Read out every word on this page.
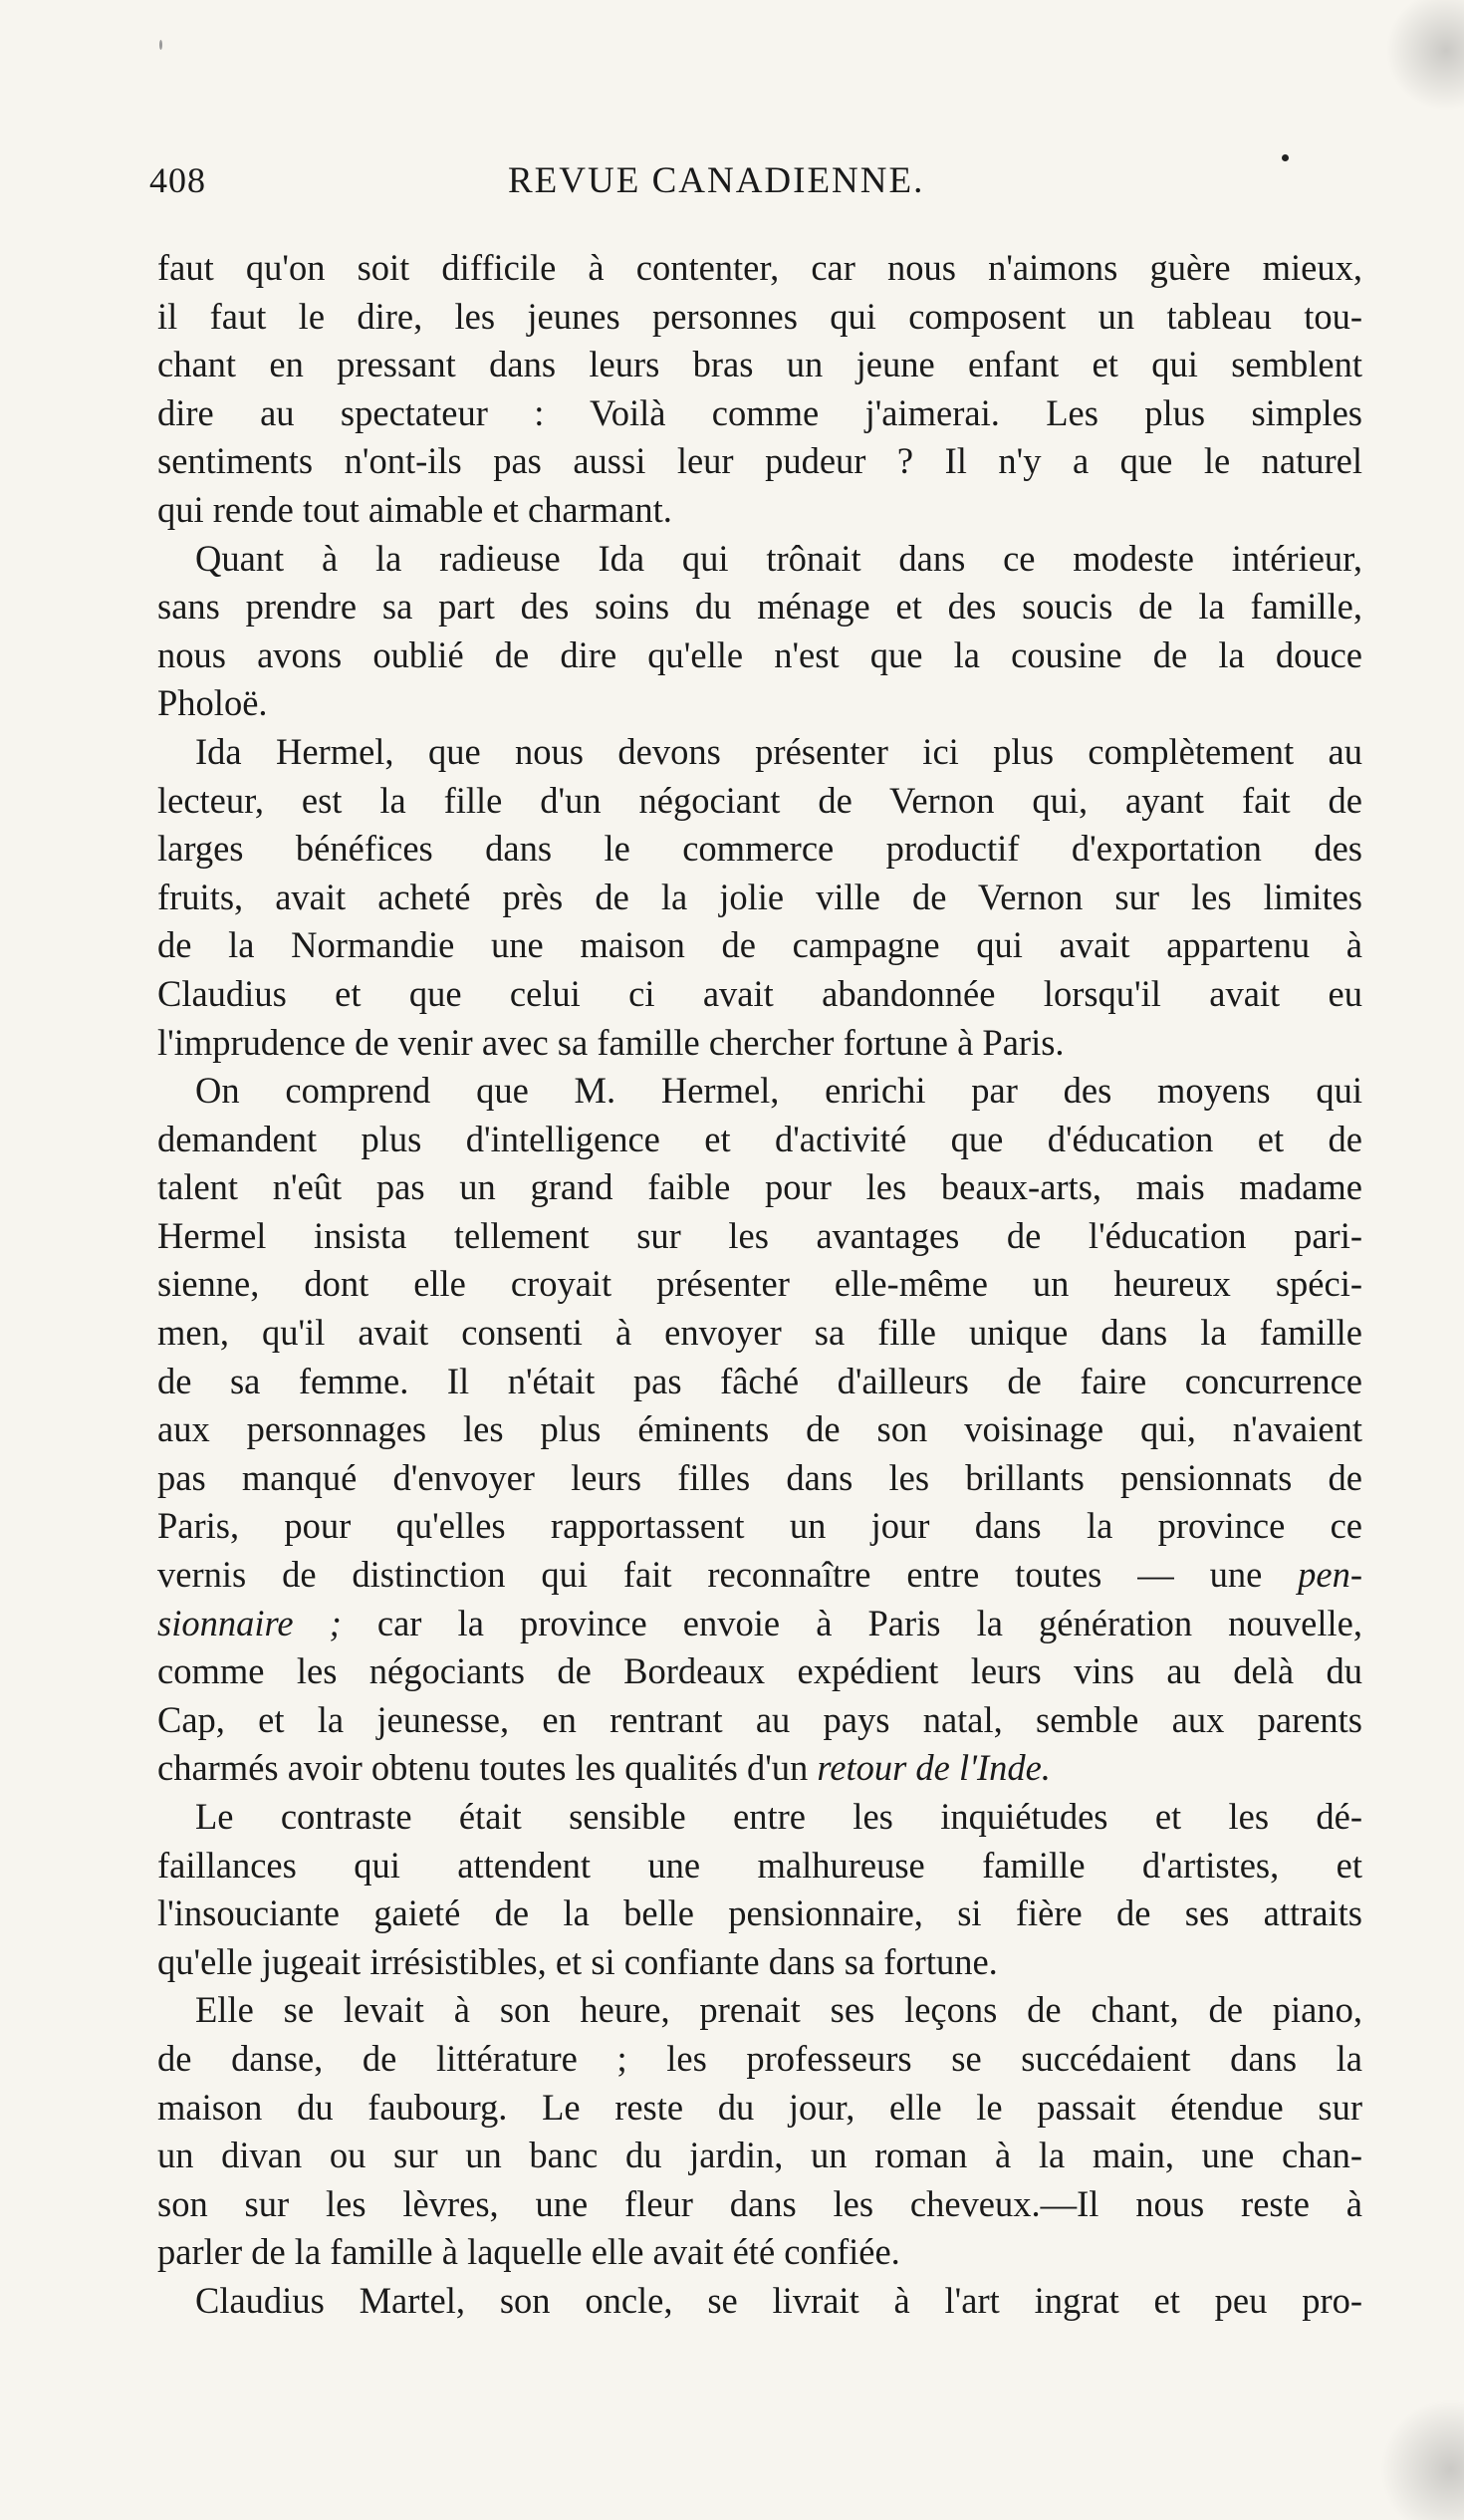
408	REVUE CANADIENNE.
faut qu'on soit difficile à contenter, car nous n'aimons guère mieux,
il faut le dire, les jeunes personnes qui composent un tableau tou-
chant en pressant dans leurs bras un jeune enfant et qui semblent
dire au spectateur : Voilà comme j'aimerai. Les plus simples
sentiments n'ont-ils pas aussi leur pudeur ? Il n'y a que le naturel
qui rende tout aimable et charmant.
Quant à la radieuse Ida qui trônait dans ce modeste intérieur,
sans prendre sa part des soins du ménage et des soucis de la famille,
nous avons oublié de dire qu'elle n'est que la cousine de la douce
Pholoë.
Ida Hermel, que nous devons présenter ici plus complètement au
lecteur, est la fille d'un négociant de Vernon qui, ayant fait de
larges bénéfices dans le commerce productif d'exportation des
fruits, avait acheté près de la jolie ville de Vernon sur les limites
de la Normandie une maison de campagne qui avait appartenu à
Claudius et que celui ci avait abandonnée lorsqu'il avait eu
l'imprudence de venir avec sa famille chercher fortune à Paris.
On comprend que M. Hermel, enrichi par des moyens qui
demandent plus d'intelligence et d'activité que d'éducation et de
talent n'eût pas un grand faible pour les beaux-arts, mais madame
Hermel insista tellement sur les avantages de l'éducation pari-
sienne, dont elle croyait présenter elle-même un heureux spéci-
men, qu'il avait consenti à envoyer sa fille unique dans la famille
de sa femme. Il n'était pas fâché d'ailleurs de faire concurrence
aux personnages les plus éminents de son voisinage qui, n'avaient
pas manqué d'envoyer leurs filles dans les brillants pensionnats de
Paris, pour qu'elles rapportassent un jour dans la province ce
vernis de distinction qui fait reconnaître entre toutes — une pen-
sionnaire ; car la province envoie à Paris la génération nouvelle,
comme les négociants de Bordeaux expédient leurs vins au delà du
Cap, et la jeunesse, en rentrant au pays natal, semble aux parents
charmés avoir obtenu toutes les qualités d'un retour de l'Inde.
Le contraste était sensible entre les inquiétudes et les dé-
faillances qui attendent une malhureuse famille d'artistes, et
l'insouciante gaieté de la belle pensionnaire, si fière de ses attraits
qu'elle jugeait irrésistibles, et si confiante dans sa fortune.
Elle se levait à son heure, prenait ses leçons de chant, de piano,
de danse, de littérature ; les professeurs se succédaient dans la
maison du faubourg. Le reste du jour, elle le passait étendue sur
un divan ou sur un banc du jardin, un roman à la main, une chan-
son sur les lèvres, une fleur dans les cheveux.—Il nous reste à
parler de la famille à laquelle elle avait été confiée.
Claudius Martel, son oncle, se livrait à l'art ingrat et peu pro-
